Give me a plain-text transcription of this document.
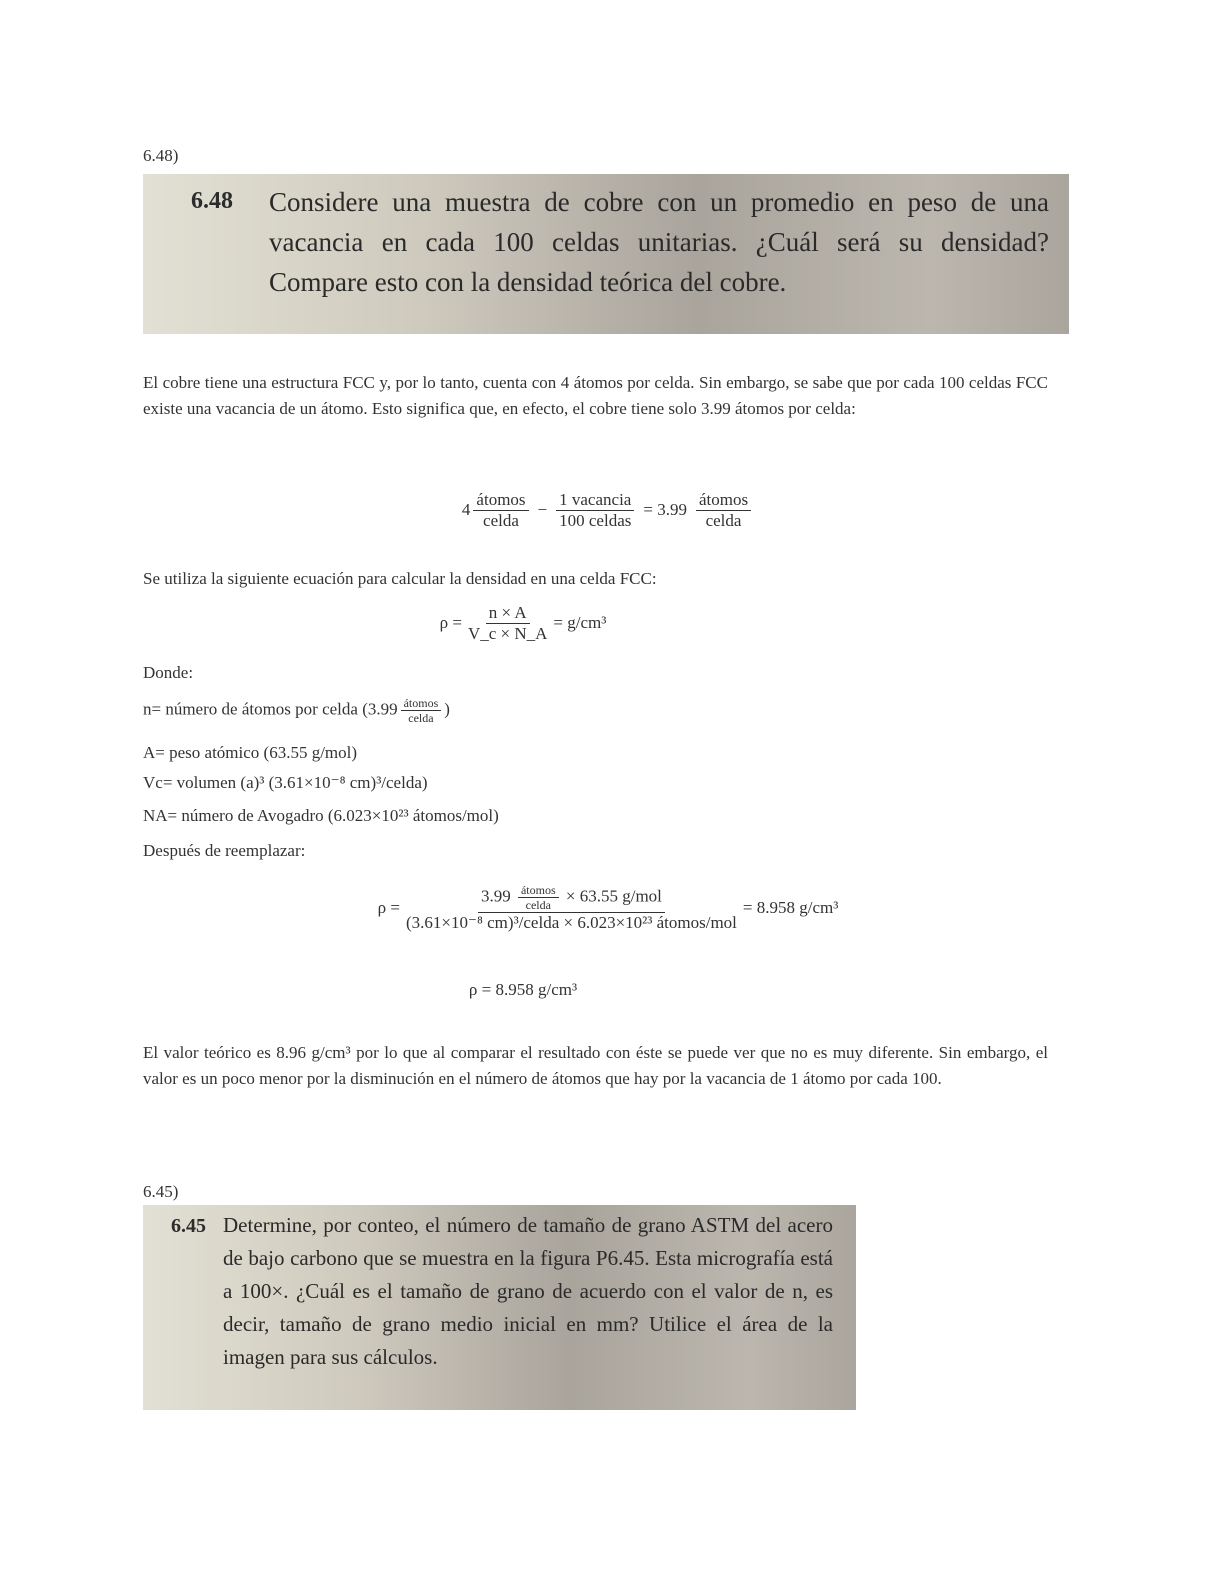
6.48)
6.48 Considere una muestra de cobre con un promedio en peso de una vacancia en cada 100 celdas unitarias. ¿Cuál será su densidad? Compare esto con la densidad teórica del cobre.
El cobre tiene una estructura FCC y, por lo tanto, cuenta con 4 átomos por celda. Sin embargo, se sabe que por cada 100 celdas FCC existe una vacancia de un átomo. Esto significa que, en efecto, el cobre tiene solo 3.99 átomos por celda:
$4 \frac{\text{átomos}}{\text{celda}} - \frac{\text{1 vacancia}}{\text{100 celdas}} = 3.99 \frac{\text{átomos}}{\text{celda}}$
Se utiliza la siguiente ecuación para calcular la densidad en una celda FCC:
$\rho = \frac{n \times A}{V\_c \times N\_A} = g/cm^3$
Donde:
n= número de átomos por celda ($3.99 \frac{\text{átomos}}{\text{celda}}$ )
A= peso atómico (63.55 g/mol)
Vc= volumen (a)³ (3.61×10⁻⁸ cm)³/celda)
NA= número de Avogadro (6.023×10²³ átomos/mol)
Después de reemplazar:
$\rho = \frac{3.99 \frac{\text{átomos}}{\text{celda}} \times 63.55 g/mol}{\text{(3.61×10⁻⁸ cm)³/celda × 6.023×10²³ átomos/mol}} = 8.958$ g/cm³
ρ = 8.958 g/cm³
El valor teórico es 8.96 g/cm³ por lo que al comparar el resultado con éste se puede ver que no es muy diferente. Sin embargo, el valor es un poco menor por la disminución en el número de átomos que hay por la vacancia de 1 átomo por cada 100.
6.45)
6.45 Determine, por conteo, el número de tamaño de grano ASTM del acero de bajo carbono que se muestra en la figura P6.45. Esta micrografía está a 100×. ¿Cuál es el tamaño de grano de acuerdo con el valor de n, es decir, tamaño de grano medio inicial en mm? Utilice el área de la imagen para sus cálculos.
